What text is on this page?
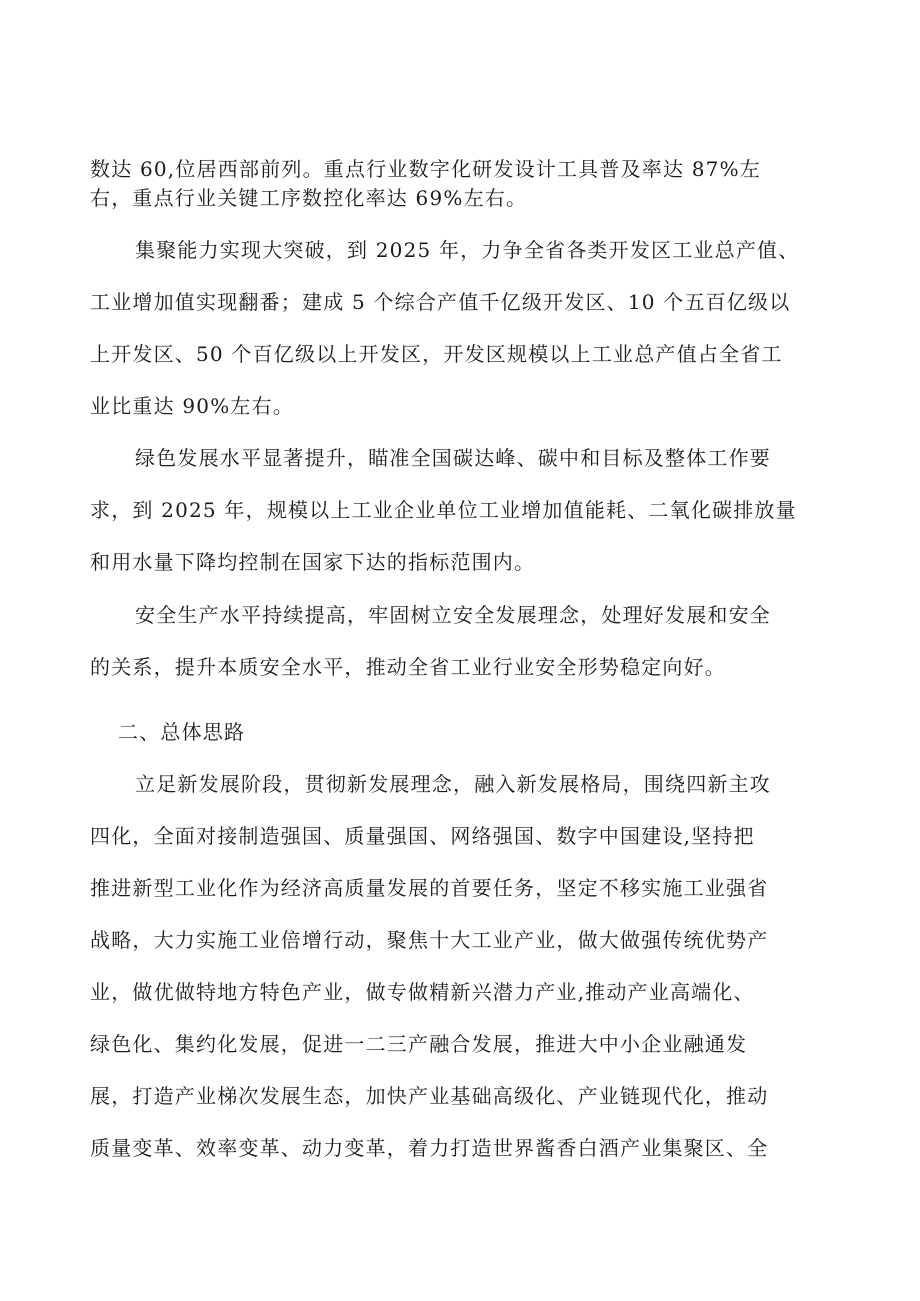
数达 60,位居西部前列。重点行业数字化研发设计工具普及率达 87%左
右，重点行业关键工序数控化率达 69%左右。
集聚能力实现大突破，到 2025 年，力争全省各类开发区工业总产值、
工业增加值实现翻番；建成 5 个综合产值千亿级开发区、10 个五百亿级以
上开发区、50 个百亿级以上开发区，开发区规模以上工业总产值占全省工
业比重达 90%左右。
绿色发展水平显著提升，瞄准全国碳达峰、碳中和目标及整体工作要
求，到 2025 年，规模以上工业企业单位工业增加值能耗、二氧化碳排放量
和用水量下降均控制在国家下达的指标范围内。
安全生产水平持续提高，牢固树立安全发展理念，处理好发展和安全
的关系，提升本质安全水平，推动全省工业行业安全形势稳定向好。
二、总体思路
立足新发展阶段，贯彻新发展理念，融入新发展格局，围绕四新主攻
四化，全面对接制造强国、质量强国、网络强国、数字中国建设,坚持把
推进新型工业化作为经济高质量发展的首要任务，坚定不移实施工业强省
战略，大力实施工业倍增行动，聚焦十大工业产业，做大做强传统优势产
业，做优做特地方特色产业，做专做精新兴潜力产业,推动产业高端化、
绿色化、集约化发展，促进一二三产融合发展，推进大中小企业融通发
展，打造产业梯次发展生态，加快产业基础高级化、产业链现代化，推动
质量变革、效率变革、动力变革，着力打造世界酱香白酒产业集聚区、全
